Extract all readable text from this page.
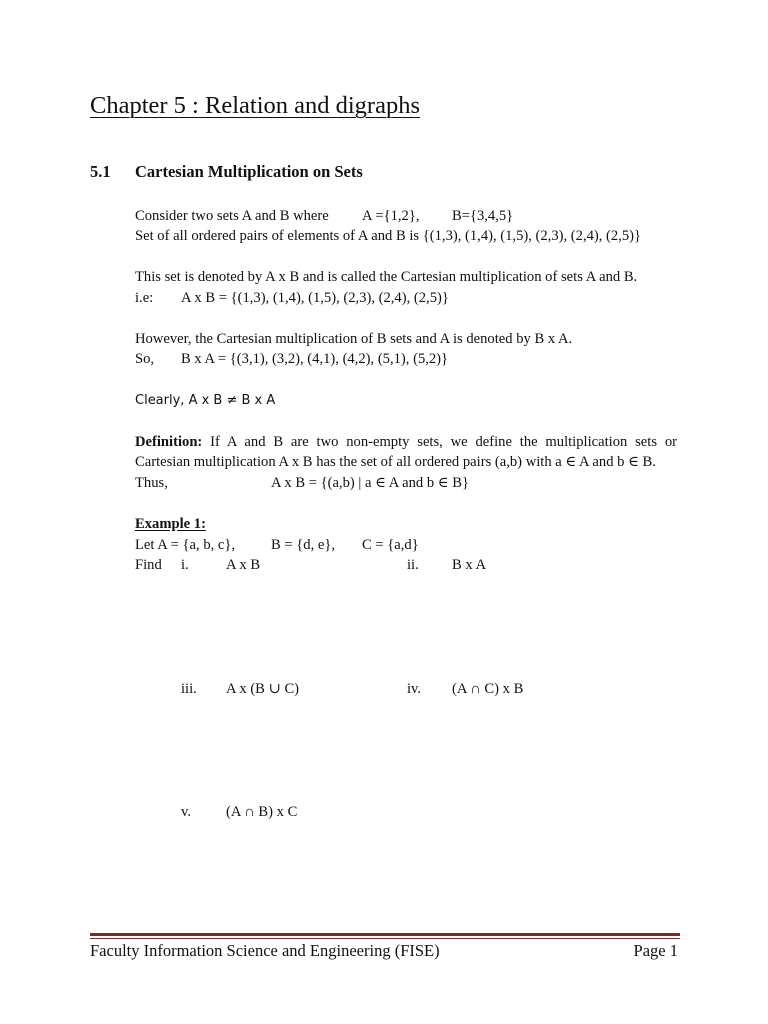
Chapter 5 : Relation and digraphs
5.1 Cartesian Multiplication on Sets
Consider two sets A and B where A ={1,2}, B={3,4,5}
Set of all ordered pairs of elements of A and B is {(1,3), (1,4), (1,5), (2,3), (2,4), (2,5)}
This set is denoted by A x B and is called the Cartesian multiplication of sets A and B.
i.e: A x B = {(1,3), (1,4), (1,5), (2,3), (2,4), (2,5)}
However, the Cartesian multiplication of B sets and A is denoted by B x A.
So, B x A = {(3,1), (3,2), (4,1), (4,2), (5,1), (5,2)}
Clearly, A x B ≠ B x A
Definition: If A and B are two non-empty sets, we define the multiplication sets or
Cartesian multiplication A x B has the set of all ordered pairs (a,b) with a ∈ A and b ∈ B.
Thus,	A x B = {(a,b) | a ∈ A and b ∈ B}
Example 1:
Let A = {a, b, c}, B = {d, e}, C = {a,d}
Find i.	A x B	ii. B x A
iii. A x (B ∪ C)	iv. (A ∩ C) x B
v. (A ∩ B) x C
Faculty Information Science and Engineering (FISE)	Page 1
